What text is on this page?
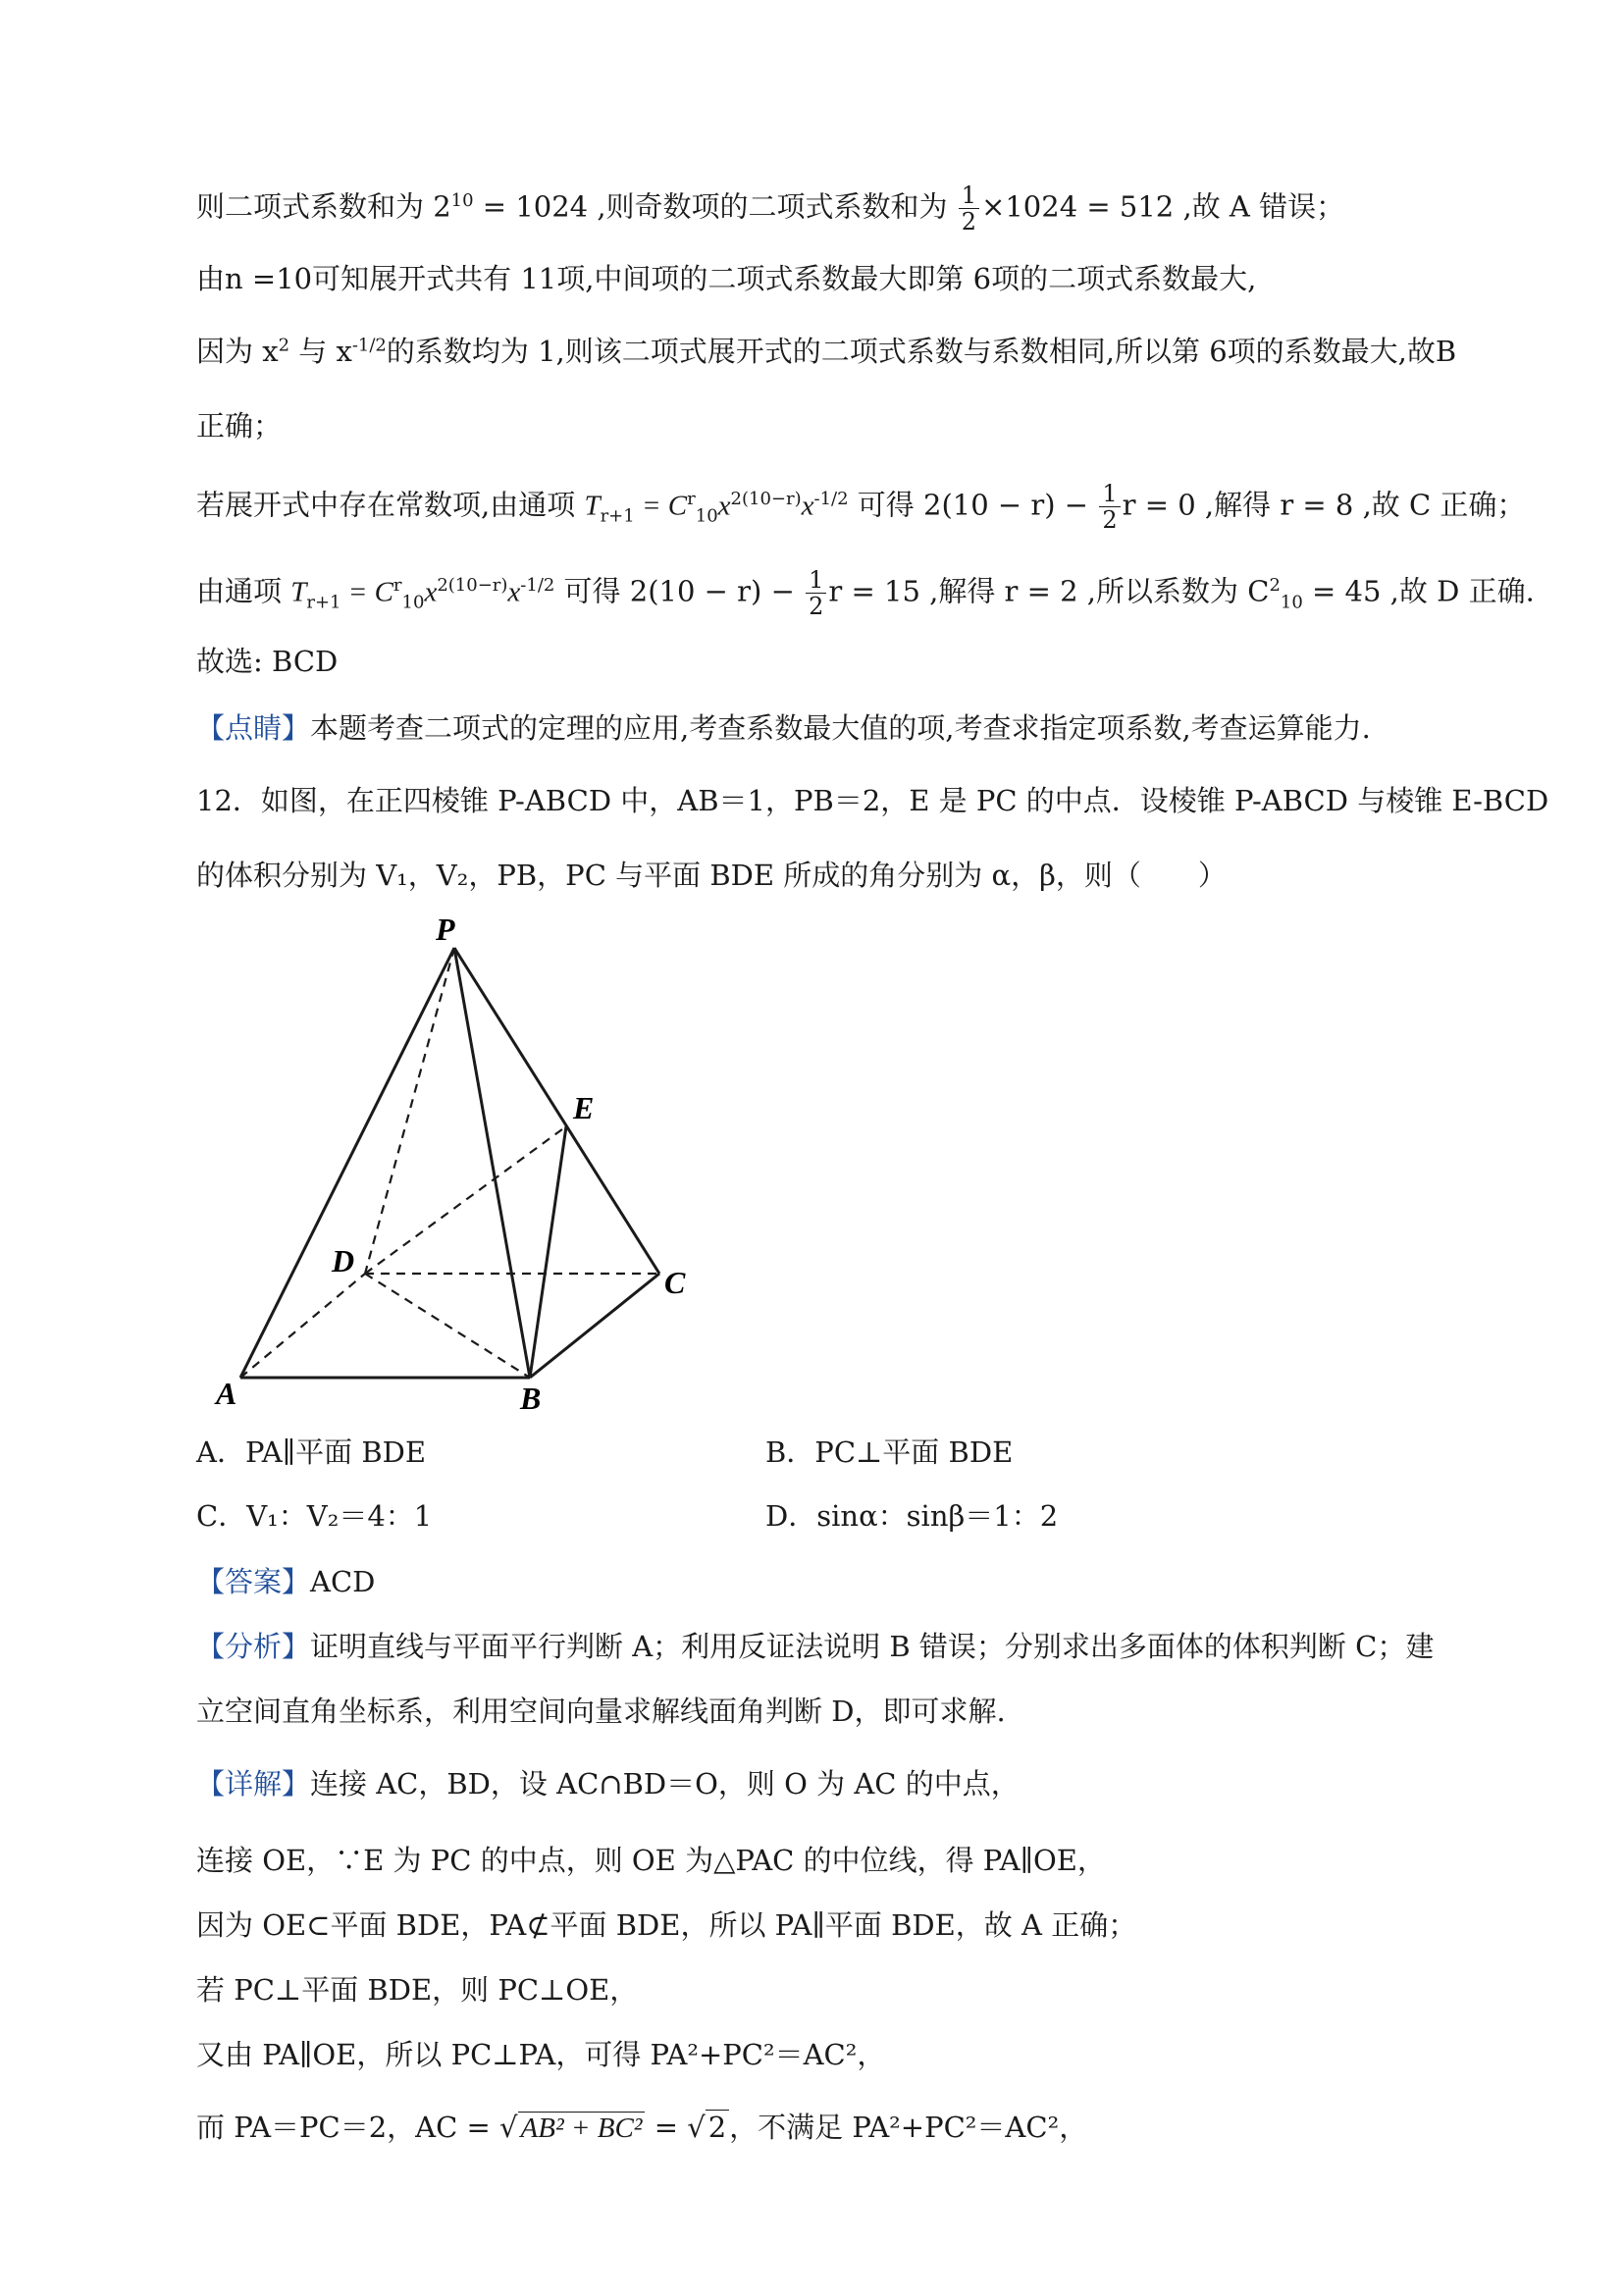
则二项式系数和为 $2^{10} = 1024$ ,则奇数项的二项式系数和为 $\frac{1}{2} \times 1024 = 512$ ,故 A 错误；
由n =10可知展开式共有 11项,中间项的二项式系数最大即第 6项的二项式系数最大,
因为 $x^2$ 与 $x^{-1/2}$的系数均为 1,则该二项式展开式的二项式系数与系数相同,所以第 6项的系数最大,故B
正确；
若展开式中存在常数项,由通项 $T_{r+1} = C^r_{10}x^{2(10-r)}x^{-1/2}$ 可得 $2(10 - r) - \frac{1}{2}$ r = 0 ,解得 r = 8 ,故 C 正确；
由通项 $T_{r+1} = C^r_{10}x^{2(10-r)}x^{-1/2}$ 可得 $2(10 - r) - \frac{1}{2}$ r = 15 ,解得 r = 2 ,所以系数为 $C^2_{10} = 45$ ,故 D 正确.
故选: BCD
【点睛】本题考查二项式的定理的应用,考查系数最大值的项,考查求指定项系数,考查运算能力.
12．如图，在正四棱锥 P-ABCD 中，AB＝1，PB＝2，E 是 PC 的中点．设棱锥 P-ABCD 与棱锥 E-BCD
的体积分别为 V₁，V₂，PB，PC 与平面 BDE 所成的角分别为 α，β，则（　　）
P
E
D
C
A	B
A．PA∥平面 BDE	B．PC⊥平面 BDE
C．V₁：V₂＝4：1	D．sinα：sinβ＝1：2
【答案】ACD
【分析】证明直线与平面平行判断 A；利用反证法说明 B 错误；分别求出多面体的体积判断 C；建
立空间直角坐标系，利用空间向量求解线面角判断 D，即可求解.
【详解】连接 AC，BD，设 AC∩BD＝O，则 O 为 AC 的中点，
连接 OE，∵E 为 PC 的中点，则 OE 为△PAC 的中位线，得 PA∥OE，
因为 OE⊂平面 BDE，PA⊄平面 BDE，所以 PA∥平面 BDE，故 A 正确；
若 PC⊥平面 BDE，则 PC⊥OE，
又由 PA∥OE，所以 PC⊥PA，可得 PA²+PC²＝AC²，
而 PA＝PC＝2，AC = √ AB² + BC² = √ 2 ，不满足 PA²+PC²＝AC²，
